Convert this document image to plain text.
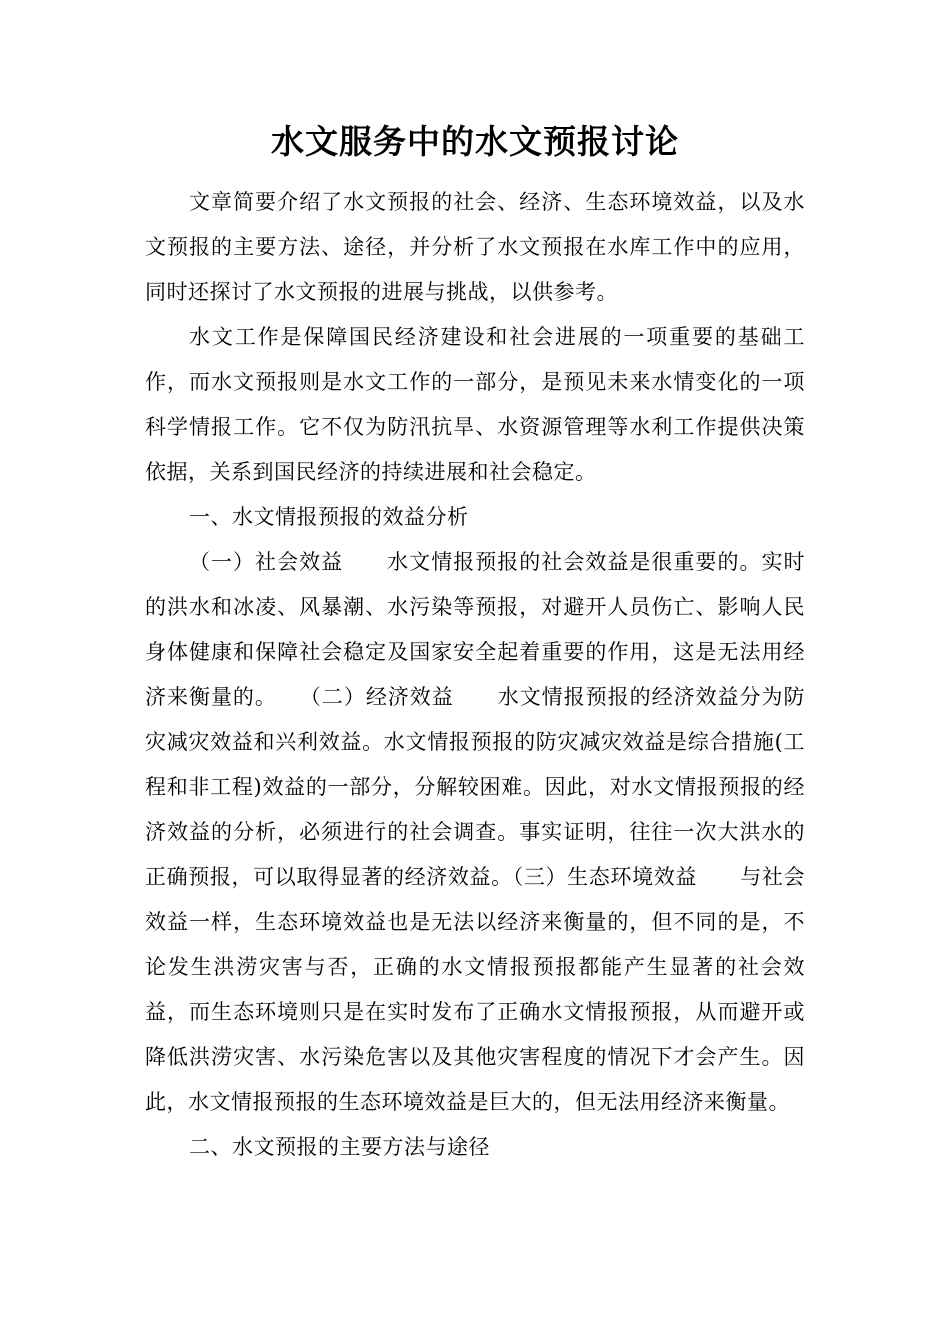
水文服务中的水文预报讨论

文章简要介绍了水文预报的社会、经济、生态环境效益，以及水文预报的主要方法、途径，并分析了水文预报在水库工作中的应用，同时还探讨了水文预报的进展与挑战，以供参考。

水文工作是保障国民经济建设和社会进展的一项重要的基础工作，而水文预报则是水文工作的一部分，是预见未来水情变化的一项科学情报工作。它不仅为防汛抗旱、水资源管理等水利工作提供决策依据，关系到国民经济的持续进展和社会稳定。

一、水文情报预报的效益分析

（一）社会效益　　水文情报预报的社会效益是很重要的。实时的洪水和冰凌、风暴潮、水污染等预报，对避开人员伤亡、影响人民身体健康和保障社会稳定及国家安全起着重要的作用，这是无法用经济来衡量的。　　（二）经济效益　　水文情报预报的经济效益分为防灾减灾效益和兴利效益。水文情报预报的防灾减灾效益是综合措施(工程和非工程)效益的一部分，分解较困难。因此，对水文情报预报的经济效益的分析，必须进行的社会调查。事实证明，往往一次大洪水的正确预报，可以取得显著的经济效益。（三）生态环境效益　　与社会效益一样，生态环境效益也是无法以经济来衡量的，但不同的是，不论发生洪涝灾害与否，正确的水文情报预报都能产生显著的社会效益，而生态环境则只是在实时发布了正确水文情报预报，从而避开或降低洪涝灾害、水污染危害以及其他灾害程度的情况下才会产生。因此，水文情报预报的生态环境效益是巨大的，但无法用经济来衡量。

二、水文预报的主要方法与途径
